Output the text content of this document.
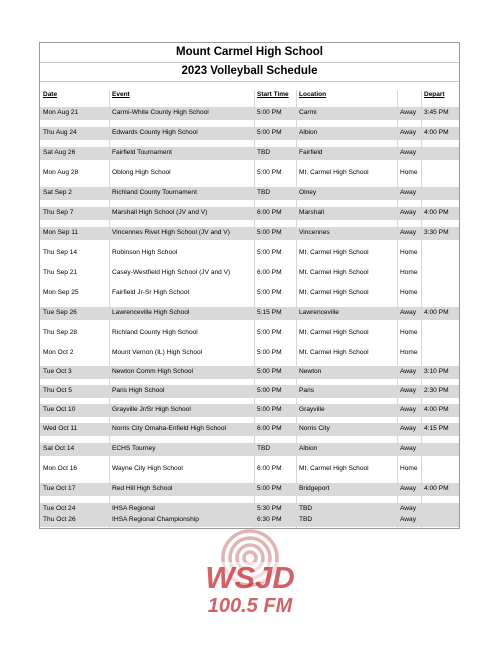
Mount Carmel High School
2023 Volleyball Schedule
Date	Event	Start Time Location	Depart
Mon Aug 21	Carmi-White County High School	5:00 PM	Carmi	Away 3:45 PM
Thu Aug 24	Edwards County High School	5:00 PM	Albion	Away 4:00 PM
Sat Aug 26	Fairfield Tournament	TBD	Fairfield	Away
Mon Aug 28	Oblong High School	5:00 PM	Mt. Carmel High School	Home
Sat Sep 2	Richland County Tournament	TBD	Olney	Away
Thu Sep 7	Marshall High School (JV and V)	6:00 PM	Marshall	Away 4:00 PM
Mon Sep 11	Vincennes Rivet High School (JV and V)	5:00 PM	Vincennes	Away 3:30 PM
Thu Sep 14	Robinson High School	5:00 PM	Mt. Carmel High School	Home
Thu Sep 21	Casey-Westfield High School (JV and V)	6:00 PM	Mt. Carmel High School	Home
Mon Sep 25	Fairfield Jr-Sr High School	5:00 PM	Mt. Carmel High School	Home
Tue Sep 26	Lawrenceville High School	5:15 PM	Lawrenceville	Away 4:00 PM
Thu Sep 28	Richland County High School	5:00 PM	Mt. Carmel High School	Home
Mon Oct 2	Mount Vernon (IL) High School	5:00 PM	Mt. Carmel High School	Home
Tue Oct 3	Newton Comm High School	5:00 PM	Newton	Away 3:10 PM
Thu Oct 5	Paris High School	5:00 PM	Paris	Away 2:30 PM
Tue Oct 10	Grayville Jr/Sr High School	5:00 PM	Grayville	Away 4:00 PM
Wed Oct 11	Norris City Omaha-Enfield High School	6:00 PM	Norris City	Away 4:15 PM
Sat Oct 14	ECHS Tourney	TBD	Albion	Away
Mon Oct 16	Wayne City High School	6:00 PM	Mt. Carmel High School	Home
Tue Oct 17	Red Hill High School	5:00 PM	Bridgeport	Away 4:00 PM
Tue Oct 24	IHSA Regional	5:30 PM	TBD	Away
Thu Oct 26	IHSA Regional Championship	6:30 PM	TBD	Away
WSJD
100.5 FM
